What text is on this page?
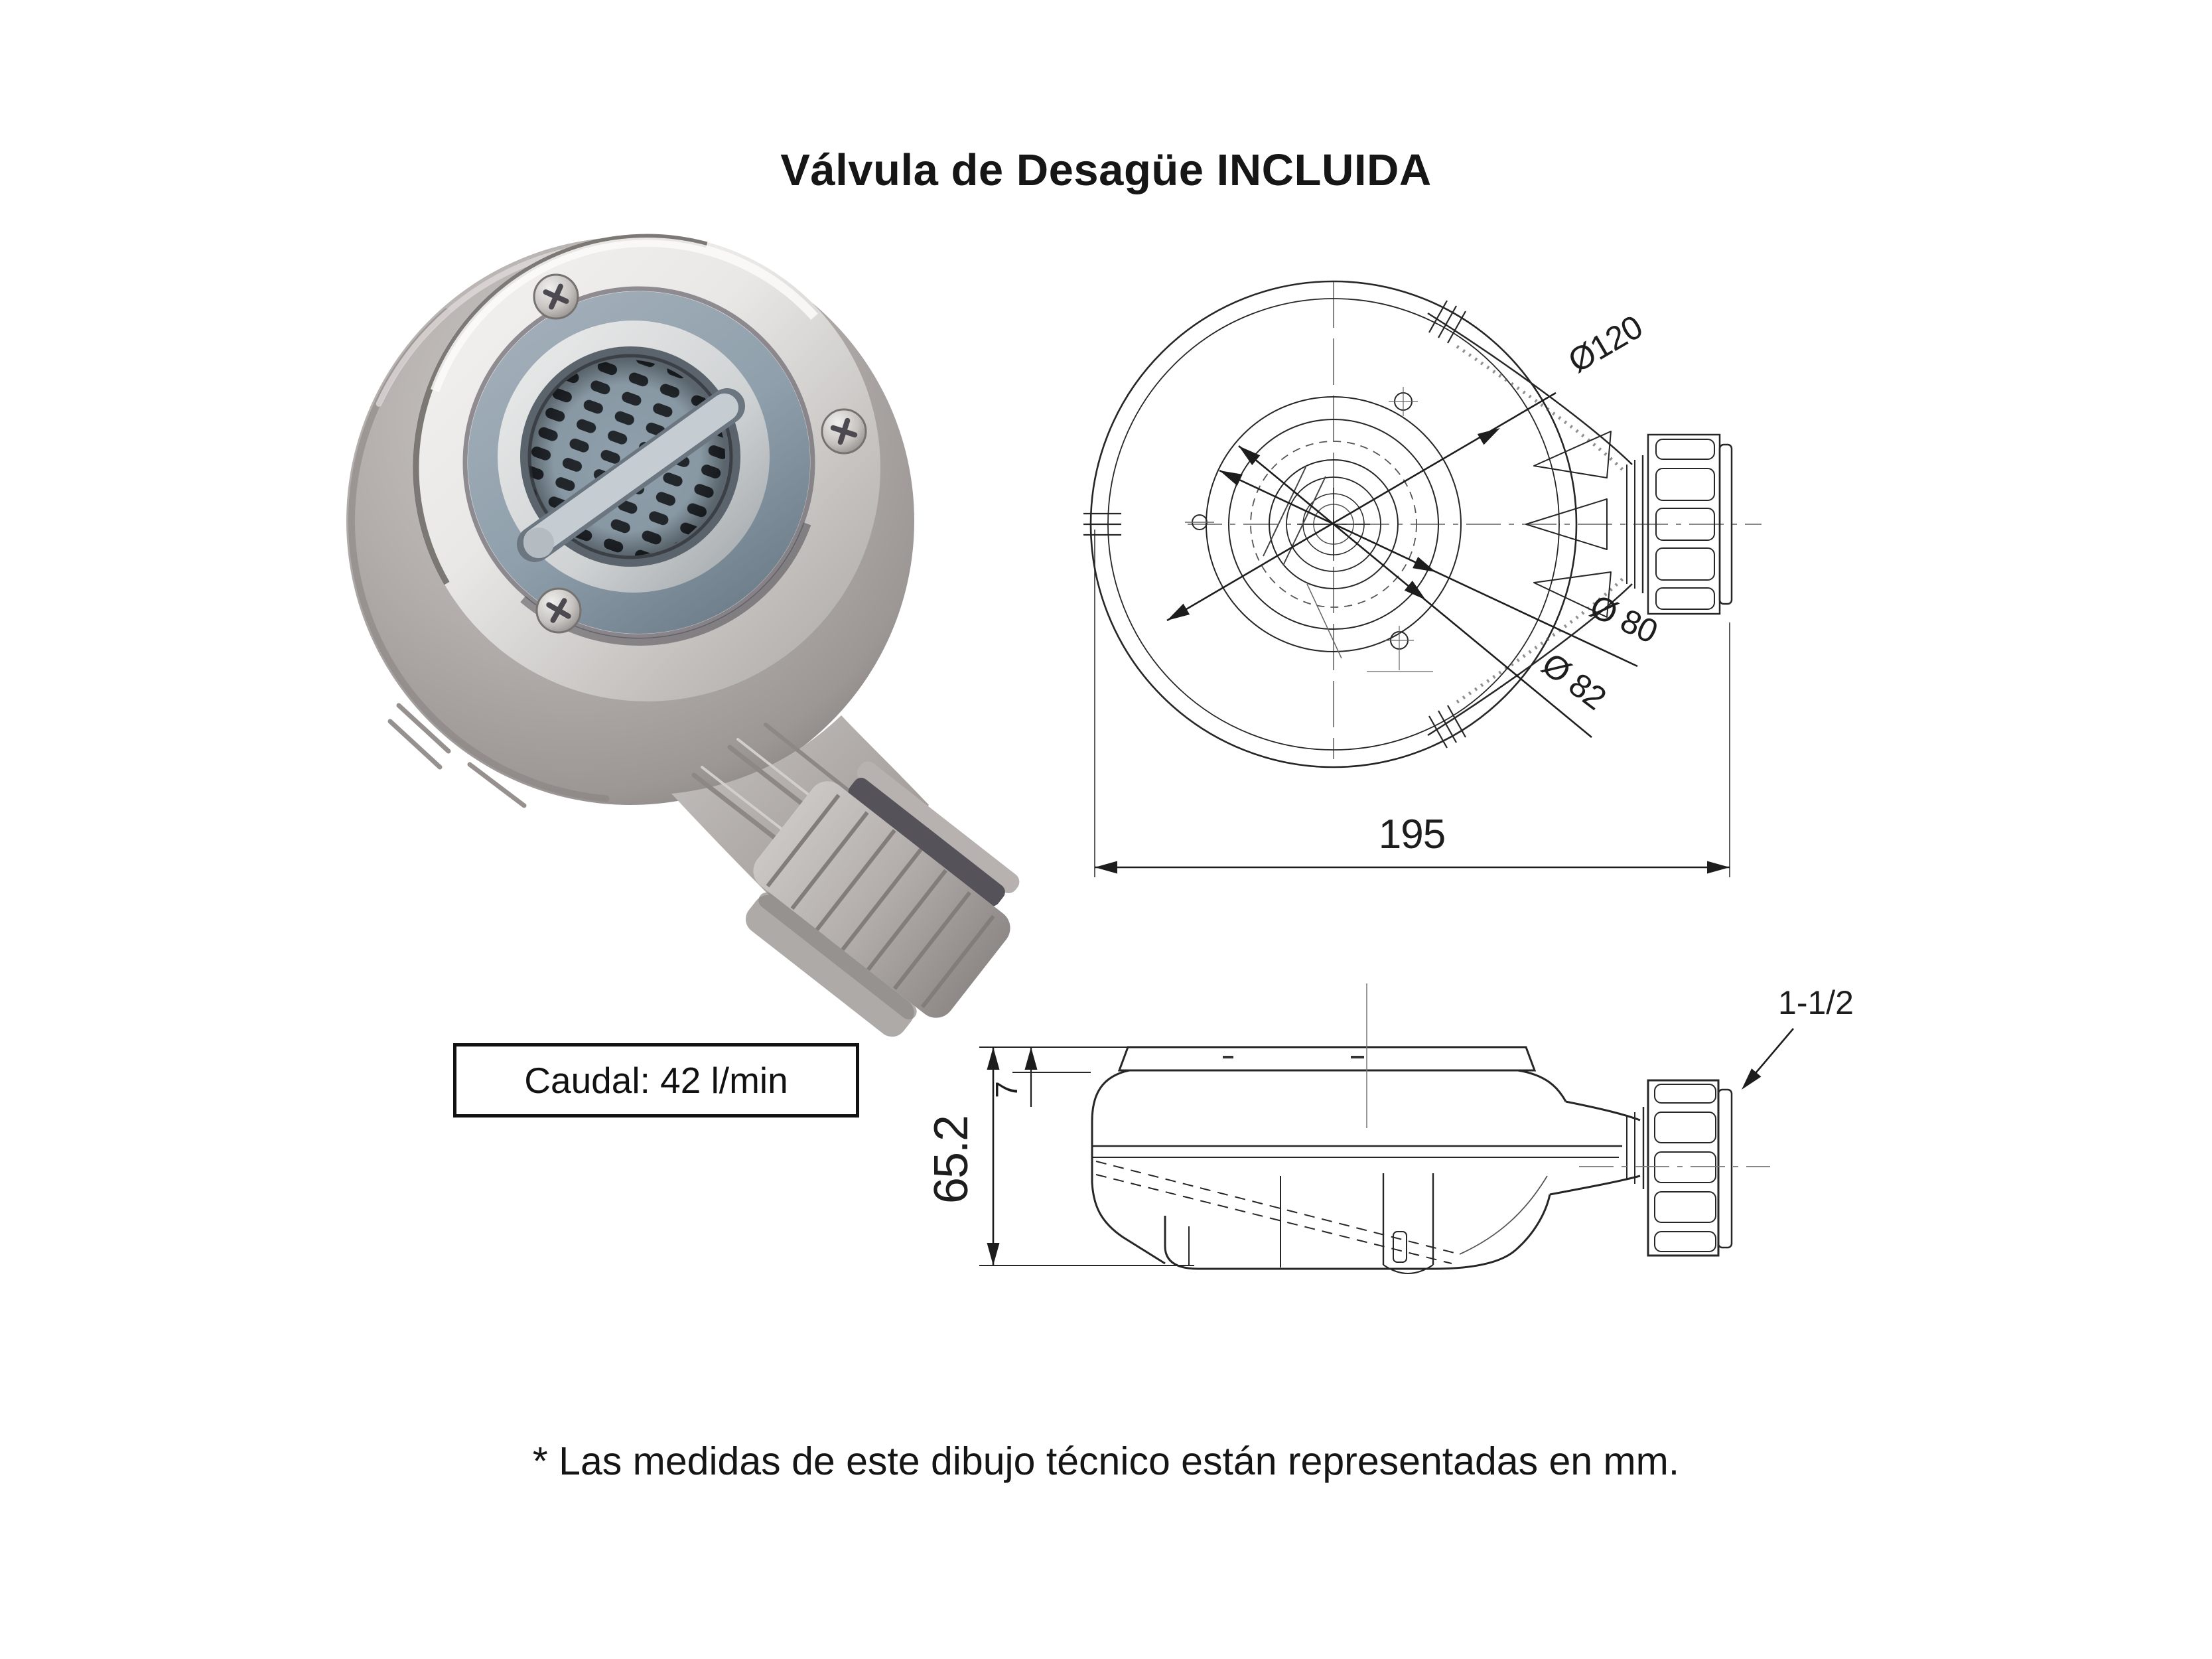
Válvula de Desagüe INCLUIDA
Ø120
Ø 80
Ø 82
195
65.2
7
1-1/2
Caudal: 42 l/min
* Las medidas de este dibujo técnico están representadas en mm.
